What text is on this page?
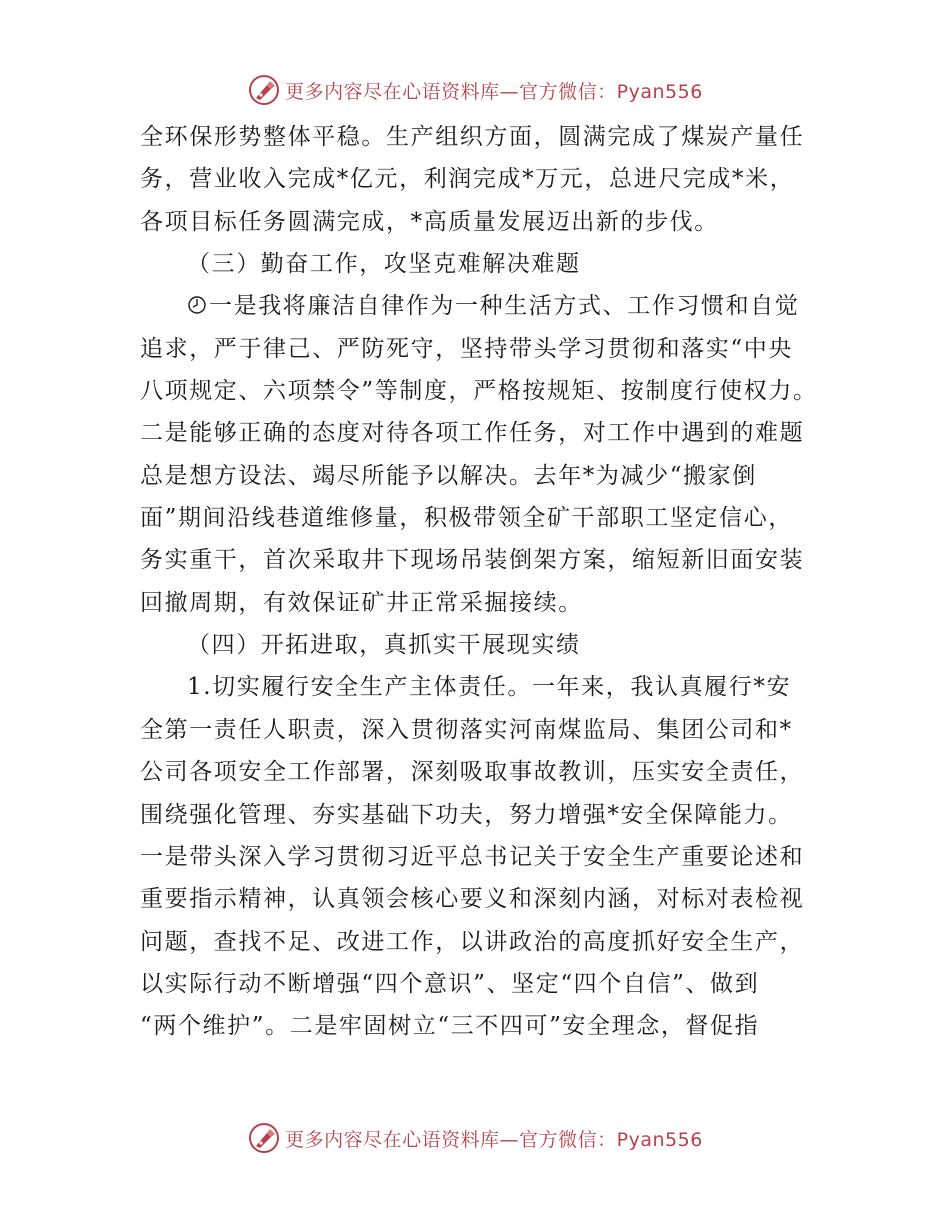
更多内容尽在心语资料库—官方微信：Pyan556
全环保形势整体平稳。生产组织方面，圆满完成了煤炭产量任
务，营业收入完成*亿元，利润完成*万元，总进尺完成*米，
各项目标任务圆满完成，*高质量发展迈出新的步伐。
（三）勤奋工作，攻坚克难解决难题
一是我将廉洁自律作为一种生活方式、工作习惯和自觉
追求，严于律己、严防死守，坚持带头学习贯彻和落实“中央
八项规定、六项禁令”等制度，严格按规矩、按制度行使权力。
二是能够正确的态度对待各项工作任务，对工作中遇到的难题
总是想方设法、竭尽所能予以解决。去年*为减少“搬家倒
面”期间沿线巷道维修量，积极带领全矿干部职工坚定信心，
务实重干，首次采取井下现场吊装倒架方案，缩短新旧面安装
回撤周期，有效保证矿井正常采掘接续。
（四）开拓进取，真抓实干展现实绩
1.切实履行安全生产主体责任。一年来，我认真履行*安
全第一责任人职责，深入贯彻落实河南煤监局、集团公司和*
公司各项安全工作部署，深刻吸取事故教训，压实安全责任，
围绕强化管理、夯实基础下功夫，努力增强*安全保障能力。
一是带头深入学习贯彻习近平总书记关于安全生产重要论述和
重要指示精神，认真领会核心要义和深刻内涵，对标对表检视
问题，查找不足、改进工作，以讲政治的高度抓好安全生产，
以实际行动不断增强“四个意识”、坚定“四个自信”、做到
“两个维护”。二是牢固树立“三不四可”安全理念，督促指
更多内容尽在心语资料库—官方微信：Pyan556
